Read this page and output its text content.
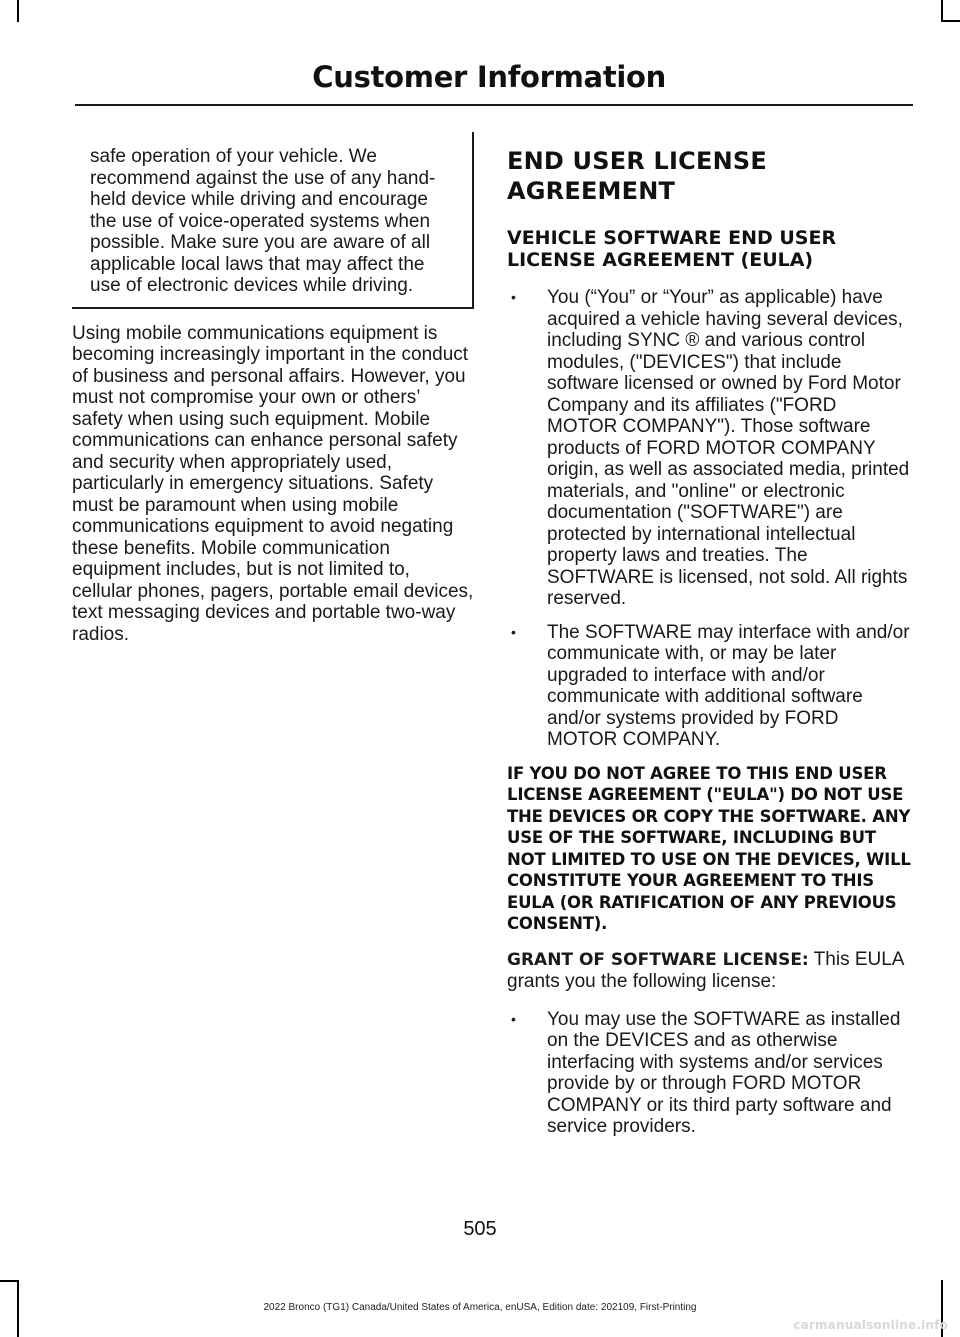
Customer Information

safe operation of your vehicle. We recommend against the use of any hand-held device while driving and encourage the use of voice-operated systems when possible. Make sure you are aware of all applicable local laws that may affect the use of electronic devices while driving.

Using mobile communications equipment is becoming increasingly important in the conduct of business and personal affairs. However, you must not compromise your own or others’ safety when using such equipment. Mobile communications can enhance personal safety and security when appropriately used, particularly in emergency situations. Safety must be paramount when using mobile communications equipment to avoid negating these benefits. Mobile communication equipment includes, but is not limited to, cellular phones, pagers, portable email devices, text messaging devices and portable two-way radios.

END USER LICENSE
AGREEMENT
VEHICLE SOFTWARE END USER LICENSE AGREEMENT (EULA)
• You (“You” or “Your” as applicable) have acquired a vehicle having several devices, including SYNC ® and various control modules, ("DEVICES") that include software licensed or owned by Ford Motor Company and its affiliates ("FORD MOTOR COMPANY"). Those software products of FORD MOTOR COMPANY origin, as well as associated media, printed materials, and "online" or electronic documentation ("SOFTWARE") are protected by international intellectual property laws and treaties. The SOFTWARE is licensed, not sold. All rights reserved.
• The SOFTWARE may interface with and/or communicate with, or may be later upgraded to interface with and/or communicate with additional software and/or systems provided by FORD MOTOR COMPANY.
IF YOU DO NOT AGREE TO THIS END USER LICENSE AGREEMENT ("EULA") DO NOT USE THE DEVICES OR COPY THE SOFTWARE. ANY USE OF THE SOFTWARE, INCLUDING BUT NOT LIMITED TO USE ON THE DEVICES, WILL CONSTITUTE YOUR AGREEMENT TO THIS EULA (OR RATIFICATION OF ANY PREVIOUS CONSENT).

GRANT OF SOFTWARE LICENSE: This EULA grants you the following license:

• You may use the SOFTWARE as installed on the DEVICES and as otherwise interfacing with systems and/or services provide by or through FORD MOTOR COMPANY or its third party software and service providers.
505
2022 Bronco (TG1) Canada/United States of America, enUSA, Edition date: 202109, First-Printing
carmanualsonline.info
